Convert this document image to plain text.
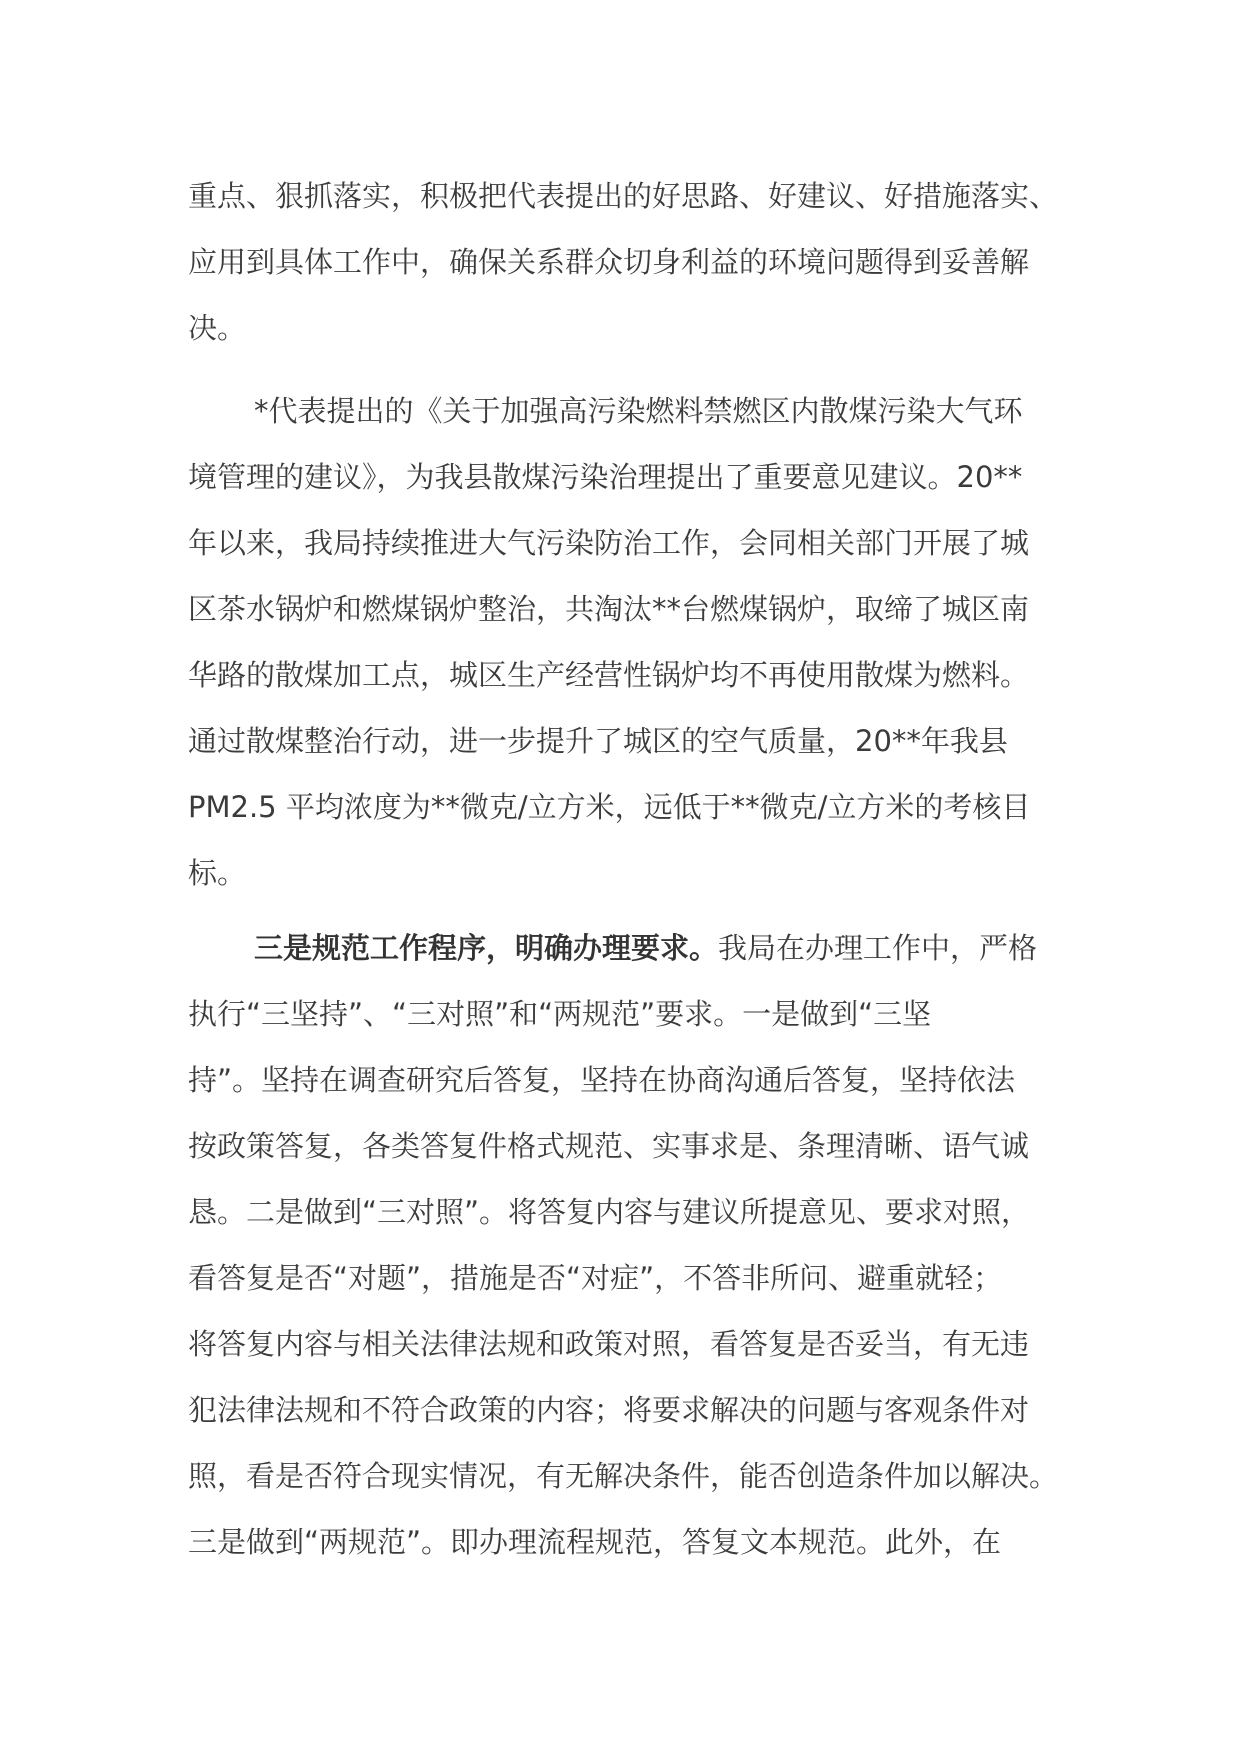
重点、狠抓落实，积极把代表提出的好思路、好建议、好措施落实、
应用到具体工作中，确保关系群众切身利益的环境问题得到妥善解
决。
*代表提出的《关于加强高污染燃料禁燃区内散煤污染大气环
境管理的建议》，为我县散煤污染治理提出了重要意见建议。20**
年以来，我局持续推进大气污染防治工作，会同相关部门开展了城
区茶水锅炉和燃煤锅炉整治，共淘汰**台燃煤锅炉，取缔了城区南
华路的散煤加工点，城区生产经营性锅炉均不再使用散煤为燃料。
通过散煤整治行动，进一步提升了城区的空气质量，20**年我县
PM2.5 平均浓度为**微克/立方米，远低于**微克/立方米的考核目
标。
三是规范工作程序，明确办理要求。我局在办理工作中，严格
执行“三坚持”、“三对照”和“两规范”要求。一是做到“三坚
持”。坚持在调查研究后答复，坚持在协商沟通后答复，坚持依法
按政策答复，各类答复件格式规范、实事求是、条理清晰、语气诚
恳。二是做到“三对照”。将答复内容与建议所提意见、要求对照，
看答复是否“对题”，措施是否“对症”，不答非所问、避重就轻；
将答复内容与相关法律法规和政策对照，看答复是否妥当，有无违
犯法律法规和不符合政策的内容；将要求解决的问题与客观条件对
照，看是否符合现实情况，有无解决条件，能否创造条件加以解决。
三是做到“两规范”。即办理流程规范，答复文本规范。此外，在
